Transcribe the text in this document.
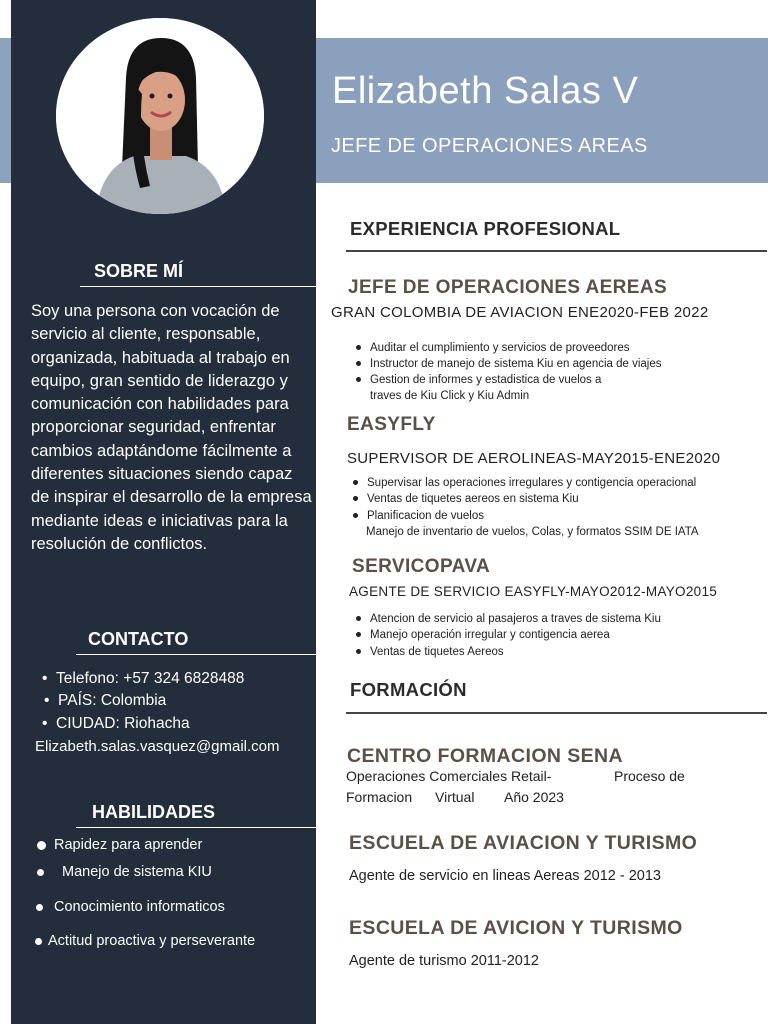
Elizabeth Salas V
JEFE DE OPERACIONES AREAS
SOBRE MÍ
Soy una persona con vocación de servicio al cliente, responsable, organizada, habituada al trabajo en equipo, gran sentido de liderazgo y comunicación con habilidades para proporcionar seguridad, enfrentar cambios adaptándome fácilmente a diferentes situaciones siendo capaz de inspirar el desarrollo de la empresa mediante ideas e iniciativas para la resolución de conflictos.
CONTACTO
•  Telefono: +57 324 6828488
•  PAÍS: Colombia
•  CIUDAD: Riohacha
Elizabeth.salas.vasquez@gmail.com
HABILIDADES
Rapidez para aprender
Manejo de sistema KIU
Conocimiento informaticos
Actitud proactiva y perseverante
EXPERIENCIA PROFESIONAL
JEFE DE OPERACIONES AEREAS
GRAN COLOMBIA DE AVIACION ENE2020-FEB 2022
Auditar el cumplimiento y servicios de proveedores
Instructor de manejo de sistema Kiu en agencia de viajes
Gestion de informes y estadistica de vuelos a
traves de Kiu Click y Kiu Admin
EASYFLY
SUPERVISOR DE AEROLINEAS-MAY2015-ENE2020
Supervisar las operaciones irregulares y contigencia operacional
Ventas de tiquetes aereos en sistema Kiu
Planificacion de vuelos
Manejo de inventario de vuelos, Colas, y formatos SSIM DE IATA
SERVICOPAVA
AGENTE DE SERVICIO EASYFLY-MAYO2012-MAYO2015
Atencion de servicio al pasajeros a traves de sistema Kiu
Manejo operación irregular y contigencia aerea
Ventas de tiquetes Aereos
FORMACIÓN
CENTRO FORMACION SENA
Operaciones Comerciales Retail-	Proceso de
Formacion Virtual Año 2023
ESCUELA DE AVIACION Y TURISMO
Agente de servicio en lineas Aereas 2012 - 2013
ESCUELA DE AVICION Y TURISMO
Agente de turismo 2011-2012
